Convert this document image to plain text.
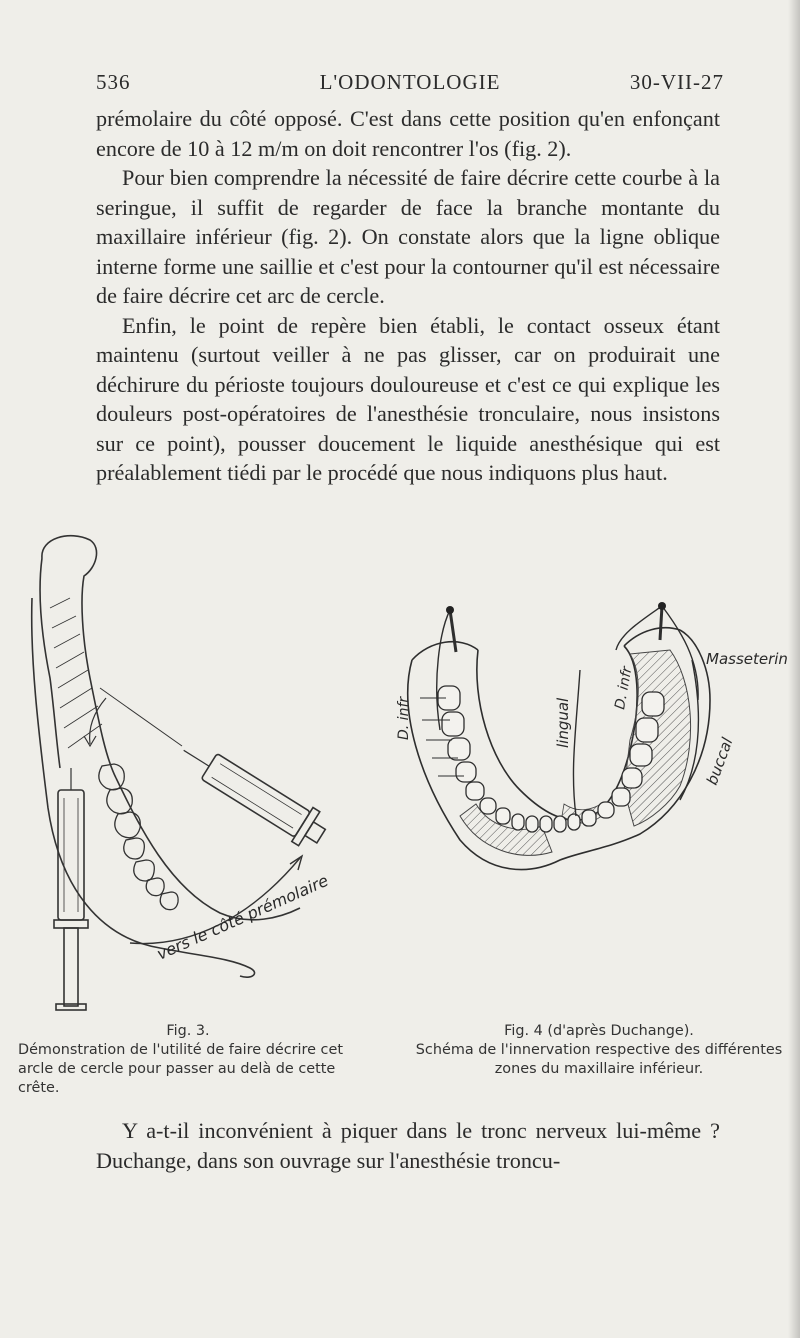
536	L'ODONTOLOGIE	30-VII-27

prémolaire du côté opposé. C'est dans cette position qu'en enfonçant encore de 10 à 12 m/m on doit rencontrer l'os (fig. 2).

Pour bien comprendre la nécessité de faire décrire cette courbe à la seringue, il suffit de regarder de face la branche montante du maxillaire inférieur (fig. 2). On constate alors que la ligne oblique interne forme une saillie et c'est pour la contourner qu'il est nécessaire de faire décrire cet arc de cercle.

Enfin, le point de repère bien établi, le contact osseux étant maintenu (surtout veiller à ne pas glisser, car on produirait une déchirure du périoste toujours douloureuse et c'est ce qui explique les douleurs post-opératoires de l'anesthésie tronculaire, nous insistons sur ce point), pousser doucement le liquide anesthésique qui est préalablement tiédi par le procédé que nous indiquons plus haut.

vers le côté prémolaire
D. infr	lingual
D. infr
Masseterin
buccal
Fig. 3.
Démonstration de l'utilité de faire décrire cet arcle de cercle pour passer au delà de cette crête.
Fig. 4 (d'après Duchange).
Schéma de l'innervation respective des différentes zones du maxillaire inférieur.

Y a-t-il inconvénient à piquer dans le tronc nerveux lui-même ? Duchange, dans son ouvrage sur l'anesthésie troncu-
